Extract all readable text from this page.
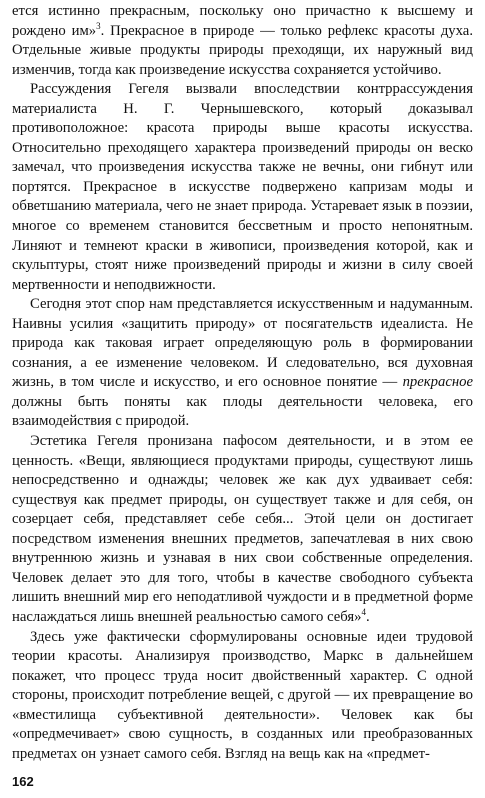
ется истинно прекрасным, поскольку оно причастно к высшему и рождено им»$^3$. Прекрасное в природе — только рефлекс красоты духа. Отдельные живые продукты природы преходящи, их наружный вид изменчив, тогда как произведение искусства сохраняется устойчиво.

Рассуждения Гегеля вызвали впоследствии контррассуждения материалиста Н. Г. Чернышевского, который доказывал противоположное: красота природы выше красоты искусства. Относительно преходящего характера произведений природы он веско замечал, что произведения искусства также не вечны, они гибнут или портятся. Прекрасное в искусстве подвержено капризам моды и обветшанию материала, чего не знает природа. Устаревает язык в поэзии, многое со временем становится бессветным и просто непонятным. Линяют и темнеют краски в живописи, произведения которой, как и скульптуры, стоят ниже произведений природы и жизни в силу своей мертвенности и неподвижности.

Сегодня этот спор нам представляется искусственным и надуманным. Наивны усилия «защитить природу» от посягательств идеалиста. Не природа как таковая играет определяющую роль в формировании сознания, а ее изменение человеком. И следовательно, вся духовная жизнь, в том числе и искусство, и его основное понятие — прекрасное должны быть поняты как плоды деятельности человека, его взаимодействия с природой.

Эстетика Гегеля пронизана пафосом деятельности, и в этом ее ценность. «Вещи, являющиеся продуктами природы, существуют лишь непосредственно и однажды; человек же как дух удваивает себя: существуя как предмет природы, он существует также и для себя, он созерцает себя, представляет себе себя... Этой цели он достигает посредством изменения внешних предметов, запечатлевая в них свою внутреннюю жизнь и узнавая в них свои собственные определения. Человек делает это для того, чтобы в качестве свободного субъекта лишить внешний мир его неподатливой чуждости и в предметной форме наслаждаться лишь внешней реальностью самого себя»$^4$.

Здесь уже фактически сформулированы основные идеи трудовой теории красоты. Анализируя производство, Маркс в дальнейшем покажет, что процесс труда носит двойственный характер. С одной стороны, происходит потребление вещей, с другой — их превращение во «вместилища субъективной деятельности». Человек как бы «опредмечивает» свою сущность, в созданных или преобразованных предметах он узнает самого себя. Взгляд на вещь как на «предмет-

162
